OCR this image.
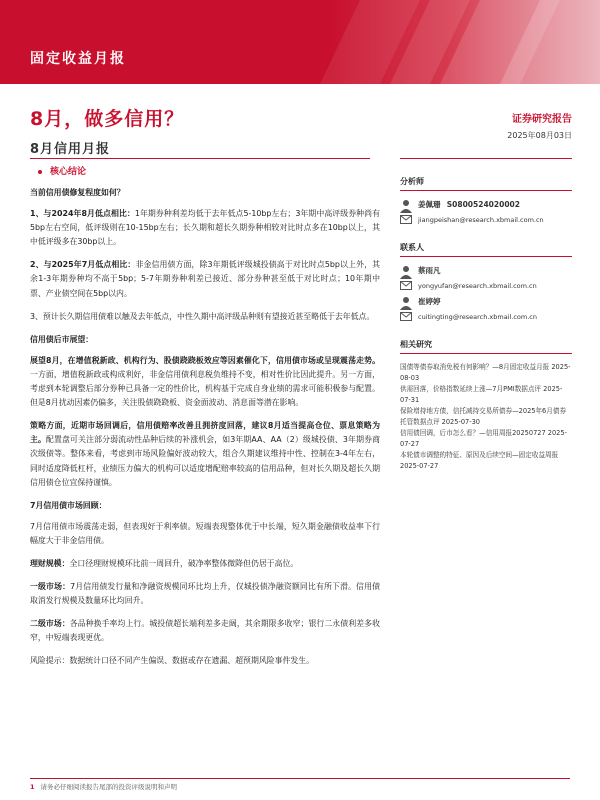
固定收益月报
8月，做多信用？
8月信用月报
证券研究报告
2025年08月03日
核心结论
当前信用债修复程度如何？

1、与2024年8月低点相比：1年期券种利差均低于去年低点5-10bp左右；3年期中高评级券种尚有5bp左右空间，低评级则在10-15bp左右；长久期和超长久期券种相较对比时点多在10bp以上，其中低评级多在30bp以上。

2、与2025年7月低点相比：非金信用债方面，除3年期低评级城投债高于对比时点5bp以上外，其余1-3年期券种均不高于5bp；5-7年期券种利差已接近、部分券种甚至低于对比时点；10年期中票、产业债空间在5bp以内。

3、预计长久期信用债难以触及去年低点，中性久期中高评级品种则有望接近甚至略低于去年低点。

信用债后市展望：

展望8月，在增值税新政、机构行为、股债跷跷板效应等因素催化下，信用债市场或呈现震荡走势。一方面，增值税新政或构成利好，非金信用债利息税负维持不变，相对性价比因此提升。另一方面，考虑到本轮调整后部分券种已具备一定的性价比，机构基于完成自身业绩的需求可能积极参与配置。但是8月扰动因素仍偏多，关注股债跷跷板、资金面波动、消息面等潜在影响。

策略方面，近期市场回调后，信用债赔率改善且拥挤度回落，建议8月适当提高仓位、票息策略为主。配置盘可关注部分弱流动性品种后续的补涨机会，如3年期AA、AA（2）级城投债、3年期券商次级债等。整体来看，考虑到市场风险偏好波动较大，组合久期建议维持中性、控制在3-4年左右，同时适度降低杠杆，业绩压力偏大的机构可以适度增配赔率较高的信用品种，但对长久期及超长久期信用债仓位宜保持谨慎。

7月信用债市场回顾：

7月信用债市场震荡走弱，但表现好于利率债。短端表现整体优于中长端，短久期金融债收益率下行幅度大于非金信用债。

理财规模：全口径理财规模环比前一周回升，破净率整体微降但仍居于高位。

一级市场：7月信用债发行量和净融资规模同环比均上升，仅城投债净融资额同比有所下滑。信用债取消发行规模及数量环比均回升。

二级市场：各品种换手率均上行。城投债超长端利差多走阔，其余期限多收窄；银行二永债利差多收窄，中短端表现更优。

风险提示：数据统计口径不同产生偏误、数据或存在遗漏、超预期风险事件发生。

分析师
姜佩珊 S0800524020002
jiangpeishan@research.xbmail.com.cn
联系人
蔡雨凡
yongyufan@research.xbmail.com.cn
崔婷婷
cuitingting@research.xbmail.com.cn
相关研究
国债等债券取消免税有何影响？—8月固定收益月报 2025-08-03
供需回落，价格指数延续上涨—7月PMI数据点评 2025-07-31
保险增持地方债，信托减持交易所债券—2025年6月债券托管数据点评 2025-07-30
信用债回调，后市怎么看？—信用周报20250727 2025-07-27
本轮债市调整的特征、原因及后续空间—固定收益周报 2025-07-27
1 请务必仔细阅读报告尾部的投资评级说明和声明
